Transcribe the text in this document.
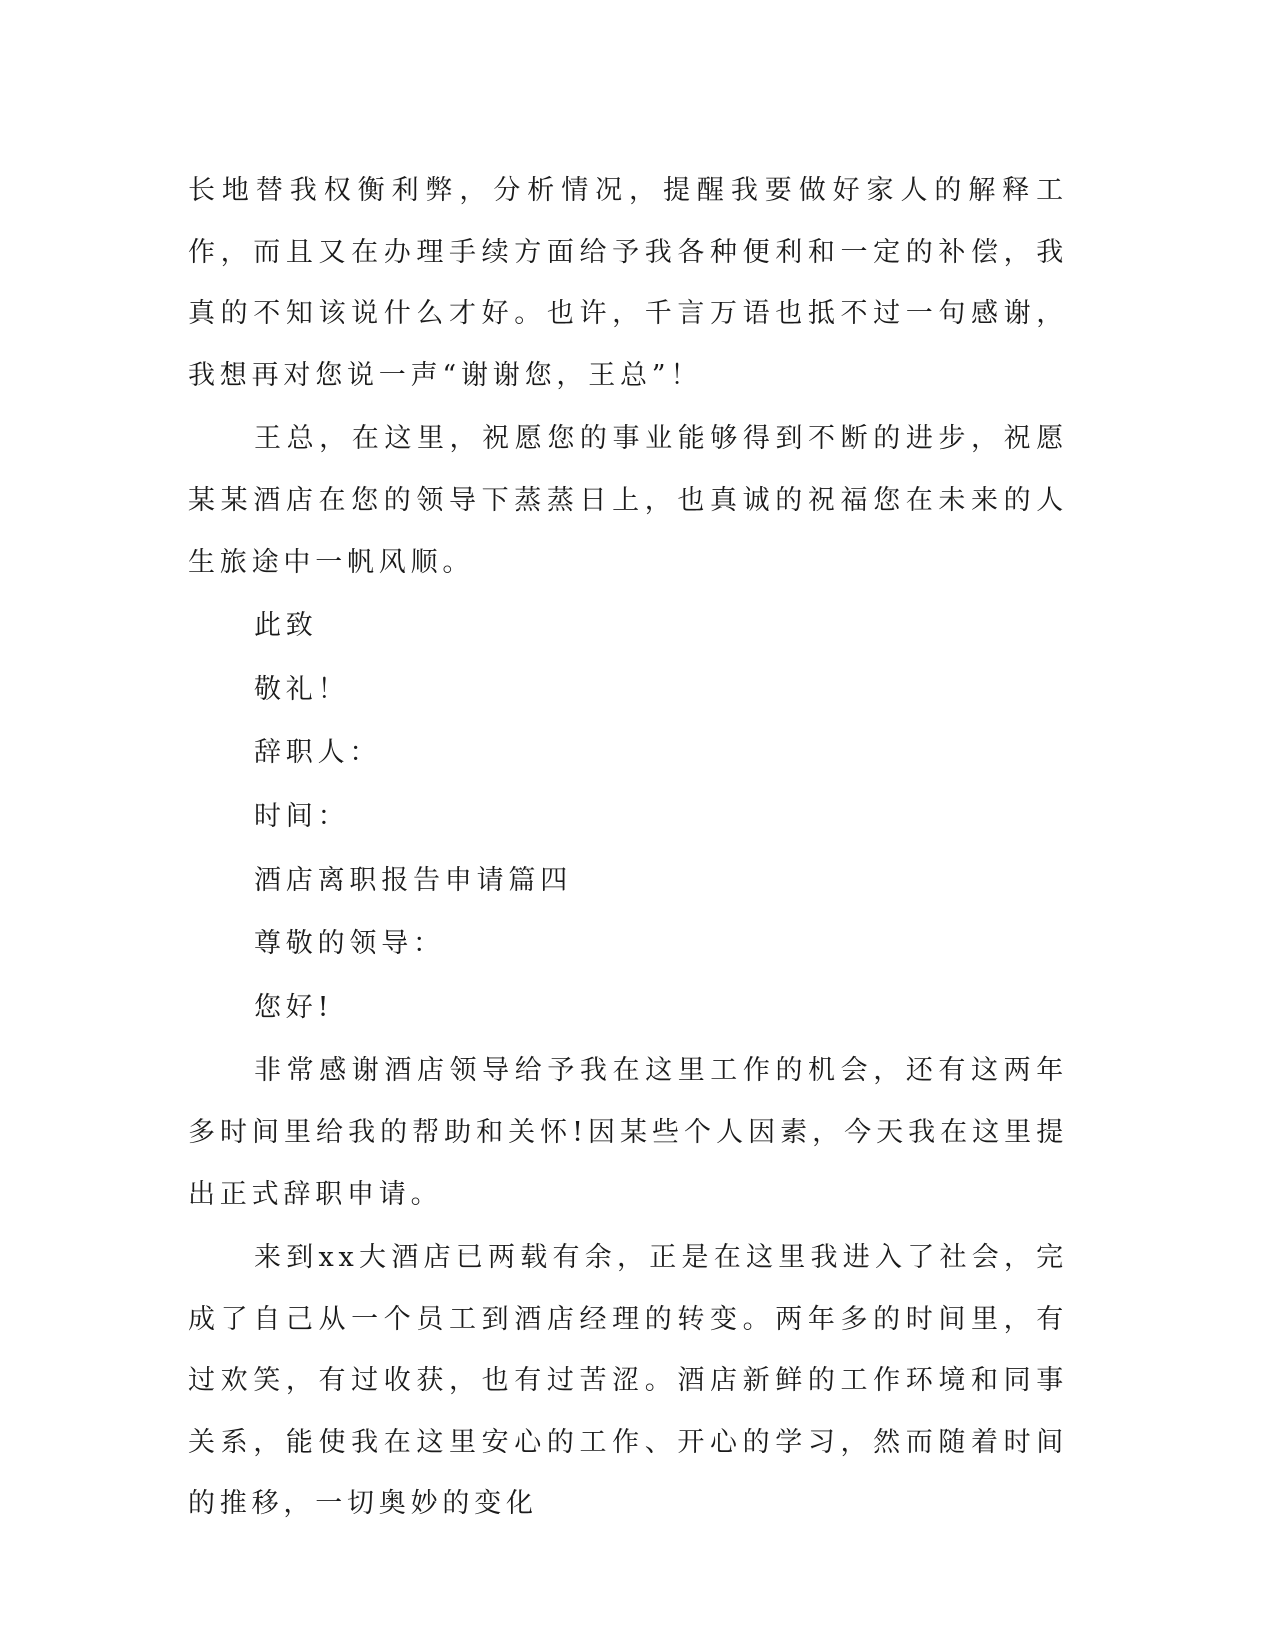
长地替我权衡利弊，分析情况，提醒我要做好家人的解释工作，而且又在办理手续方面给予我各种便利和一定的补偿，我真的不知该说什么才好。也许，千言万语也抵不过一句感谢，我想再对您说一声“谢谢您，王总”！

王总，在这里，祝愿您的事业能够得到不断的进步，祝愿某某酒店在您的领导下蒸蒸日上，也真诚的祝福您在未来的人生旅途中一帆风顺。

此致

敬礼！

辞职人：

时间：

酒店离职报告申请篇四

尊敬的领导：

您好!

非常感谢酒店领导给予我在这里工作的机会，还有这两年多时间里给我的帮助和关怀!因某些个人因素，今天我在这里提出正式辞职申请。

来到xx大酒店已两载有余，正是在这里我进入了社会，完成了自己从一个员工到酒店经理的转变。两年多的时间里，有过欢笑，有过收获，也有过苦涩。酒店新鲜的工作环境和同事关系，能使我在这里安心的工作、开心的学习，然而随着时间的推移，一切奥妙的变化
